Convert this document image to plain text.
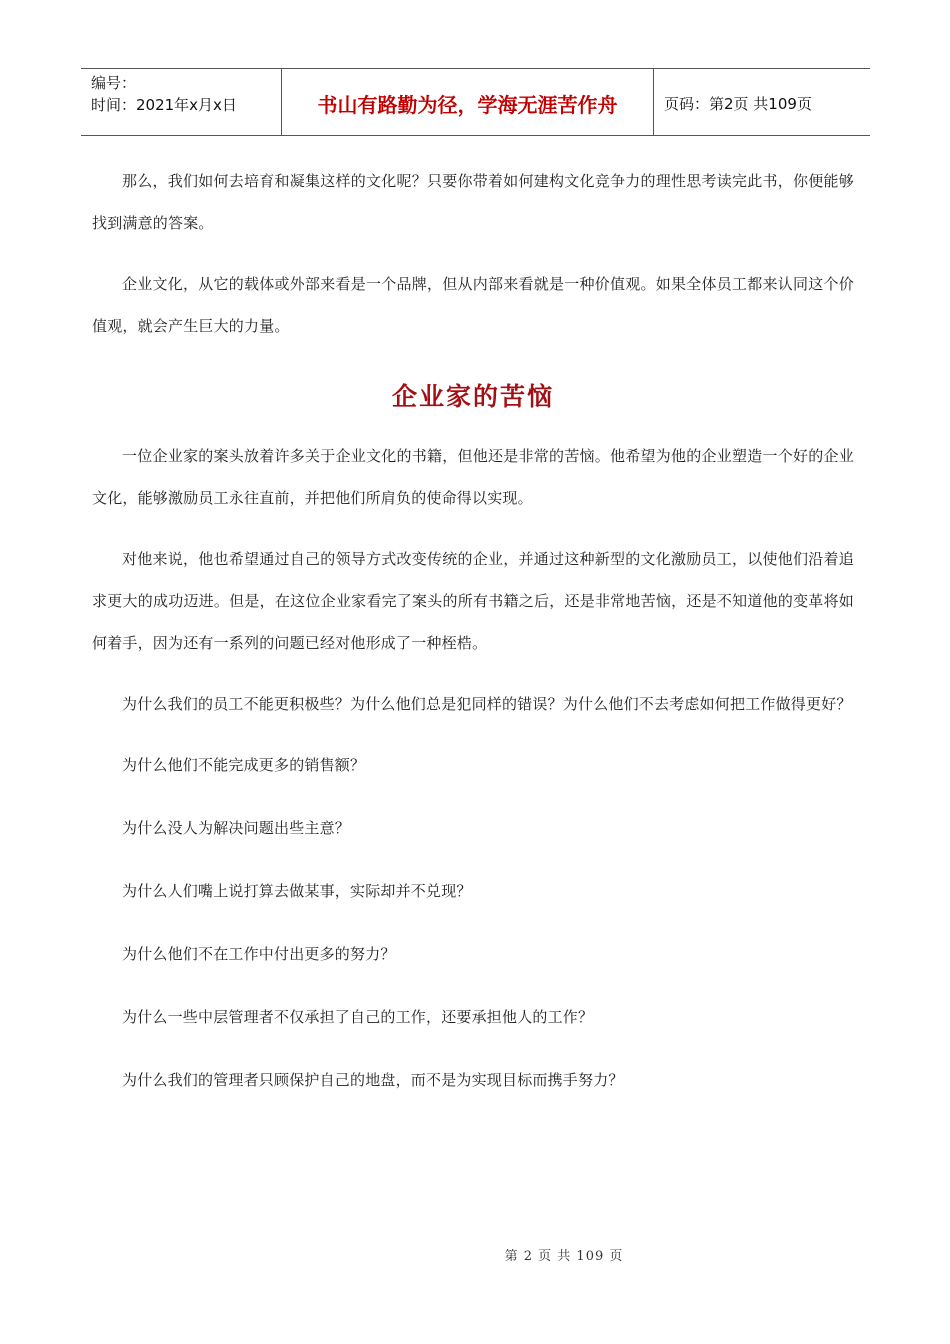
编号：
时间：2021年x月x日	书山有路勤为径，学海无涯苦作舟	页码：第2页 共109页

那么，我们如何去培育和凝集这样的文化呢？只要你带着如何建构文化竞争力的理性思考读完此书，你便能够找到满意的答案。

企业文化，从它的载体或外部来看是一个品牌，但从内部来看就是一种价值观。如果全体员工都来认同这个价值观，就会产生巨大的力量。

企业家的苦恼

一位企业家的案头放着许多关于企业文化的书籍，但他还是非常的苦恼。他希望为他的企业塑造一个好的企业文化，能够激励员工永往直前，并把他们所肩负的使命得以实现。

对他来说，他也希望通过自己的领导方式改变传统的企业，并通过这种新型的文化激励员工，以使他们沿着追求更大的成功迈进。但是，在这位企业家看完了案头的所有书籍之后，还是非常地苦恼，还是不知道他的变革将如何着手，因为还有一系列的问题已经对他形成了一种桎梏。

为什么我们的员工不能更积极些？为什么他们总是犯同样的错误？为什么他们不去考虑如何把工作做得更好？

为什么他们不能完成更多的销售额？

为什么没人为解决问题出些主意？

为什么人们嘴上说打算去做某事，实际却并不兑现？

为什么他们不在工作中付出更多的努力？

为什么一些中层管理者不仅承担了自己的工作，还要承担他人的工作？

为什么我们的管理者只顾保护自己的地盘，而不是为实现目标而携手努力？

第 2 页 共 109 页
